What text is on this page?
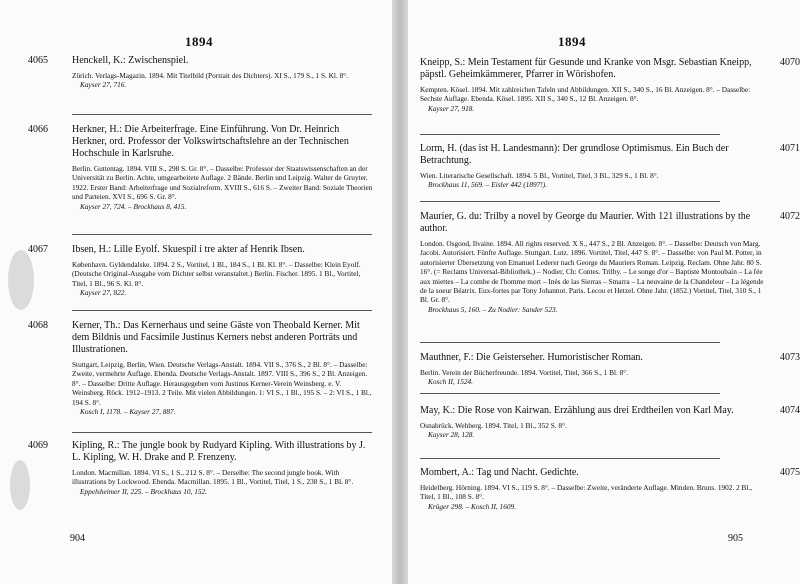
1894
4065 Henckell, K.: Zwischenspiel.

Zürich. Verlags-Magazin. 1894. Mit Titelbild (Portrait des Dichters). XI S., 179 S., 1 S. Kl. 8°.

Kayser 27, 716.

4066 Herkner, H.: Die Arbeiterfrage. Eine Einführung. Von Dr. Heinrich Herkner, ord. Professor der Volkswirtschaftslehre an der Technischen Hochschule in Karlsruhe.

Berlin. Guttentag. 1894. VIII S., 298 S. Gr. 8°. – Dasselbe: Professor der Staatswissenschaften an der Universität zu Berlin. Achte, umgearbeitete Auflage. 2 Bände. Berlin und Leipzig. Walter de Gruyter. 1922. Erster Band: Arbeiterfrage und Sozialreform. XVIII S., 616 S. – Zweiter Band: Soziale Theorien und Parteien. XVI S., 696 S. Gr. 8°.

Kayser 27, 724. – Brockhaus 8, 415.

4067 Ibsen, H.: Lille Eyolf. Skuespil i tre akter af Henrik Ibsen.

København. Gyldendalske. 1894. 2 S., Vortitel, 1 Bl., 184 S., 1 Bl. Kl. 8°. – Dasselbe: Klein Eyolf. (Deutsche Original-Ausgabe vom Dichter selbst veranstaltet.) Berlin. Fischer. 1895. 1 Bl., Vortitel, Titel, 1 Bl., 96 S. Kl. 8°.

Kayser 27, 822.

4068 Kerner, Th.: Das Kernerhaus und seine Gäste von Theobald Kerner. Mit dem Bildnis und Facsimile Justinus Kerners nebst anderen Porträts und Illustrationen.

Stuttgart, Leipzig, Berlin, Wien. Deutsche Verlags-Anstalt. 1894. VII S., 376 S., 2 Bl. 8°. – Dasselbe: Zweite, vermehrte Auflage. Ebenda. Deutsche Verlags-Anstalt. 1897. VIII S., 396 S., 2 Bl. Anzeigen. 8°. – Dasselbe: Dritte Auflage. Herausgegeben vom Justinus Kerner-Verein Weinsberg. e. V. Weinsberg. Röck. 1912–1913. 2 Teile. Mit vielen Abbildungen. 1: VI S., 1 Bl., 195 S. – 2: VI S., 1 Bl., 194 S. 8°.

Kosch I, 1178. – Kayser 27, 887.

4069 Kipling, R.: The jungle book by Rudyard Kipling. With illustrations by J. L. Kipling, W. H. Drake and P. Frenzeny.

London. Macmillan. 1894. VI S., 1 S., 212 S. 8°. – Derselbe: The second jungle book. With illustrations by Lockwood. Ebenda. Macmillan. 1895. 1 Bl., Vortitel, Titel, 1 S., 238 S., 1 Bl. 8°.

Eppelsheimer II, 225. – Brockhaus 10, 152.

904
1894
4070

Kneipp, S.: Mein Testament für Gesunde und Kranke von Msgr. Sebastian Kneipp, päpstl. Geheimkämmerer, Pfarrer in Wörishofen.

Kempten. Kösel. 1894. Mit zahlreichen Tafeln und Abbildungen. XII S., 340 S., 16 Bl. Anzeigen. 8°. – Dasselbe: Sechste Auflage. Ebenda. Kösel. 1895. XII S., 340 S., 12 Bl. Anzeigen. 8°.

Kayser 27, 918.

4071

Lorm, H. (das ist H. Landesmann): Der grundlose Optimismus. Ein Buch der Betrachtung.

Wien. Literarische Gesellschaft. 1894. 5 Bl., Vortitel, Titel, 3 Bl., 329 S., 1 Bl. 8°.

Brockhaus 11, 569. – Eisler 442 (1897!).

4072

Maurier, G. du: Trilby a novel by George du Maurier. With 121 illustrations by the author.

London. Osgood, Ilvaine. 1894. All rights reserved. X S., 447 S., 2 Bl. Anzeigen. 8°. – Dasselbe: Deutsch von Marg. Jacobi. Autorisiert. Fünfte Auflage. Stuttgart. Lutz. 1896. Vortitel, Titel, 447 S. 8°. – Dasselbe: von Paul M. Potter, in autorisierter Übersetzung von Emanuel Lederer nach George du Mauriers Roman. Leipzig. Reclam. Ohne Jahr. 80 S. 16°. (= Reclams Universal-Bibliothek.) – Nodier, Ch: Contes. Trilby. – Le songe d'or – Baptiste Montoubain – La fée aux miettes – La combe de l'homme mort – Inès de las Sierras – Smarra – La neuvaine de la Chandeleur – La légende de la soeur Béatrix. Eux-fortes par Tony Johannot. Paris. Lecou et Hetzel. Ohne Jahr. (1852.) Vortitel, Titel, 310 S., 1 Bl. Gr. 8°.

Brockhaus 5, 160. – Zu Nodier: Sander 523.

4073

Mauthner, F.: Die Geisterseher. Humoristischer Roman.

Berlin. Verein der Bücherfreunde. 1894. Vortitel, Titel, 366 S., 1 Bl. 8°.

Kosch II, 1524.

4074

May, K.: Die Rose von Kairwan. Erzählung aus drei Erdtheilen von Karl May.

Osnabrück. Wehberg. 1894. Titel, 1 Bl., 352 S. 8°.

Kayser 28, 128.

4075

Mombert, A.: Tag und Nacht. Gedichte.

Heidelberg. Hörning. 1894. VI S., 119 S. 8°. – Dasselbe: Zweite, veränderte Auflage. Minden. Bruns. 1902. 2 Bl., Titel, 1 Bl., 108 S. 8°.

Krüger 298. – Kosch II, 1609.

905
